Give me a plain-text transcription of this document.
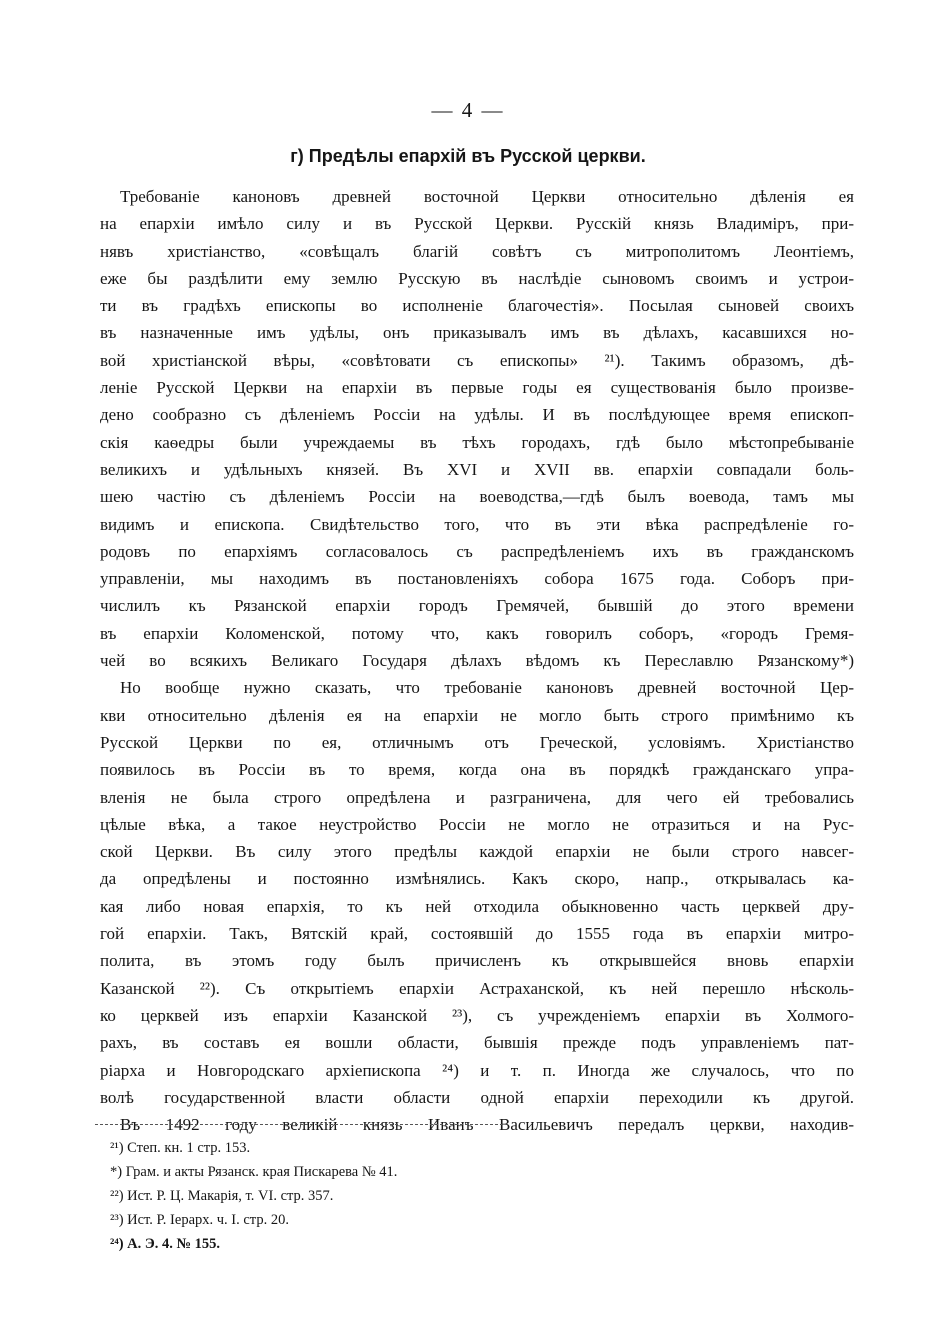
— 4 —
г) Предѣлы епархій въ Русской церкви.
Требованіе каноновъ древней восточной Церкви относительно дѣленія ея
на епархіи имѣло силу и въ Русской Церкви. Русскій князь Владиміръ, при-
нявъ христіанство, «совѣщалъ благій совѣтъ съ митрополитомъ Леонтіемъ,
еже бы раздѣлити ему землю Русскую въ наслѣдіе сыновомъ своимъ и устрои-
ти въ градѣхъ епископы во исполненіе благочестія». Посылая сыновей своихъ
въ назначенные имъ удѣлы, онъ приказывалъ имъ въ дѣлахъ, касавшихся но-
вой христіанской вѣры, «совѣтовати съ епископы» ²¹). Такимъ образомъ, дѣ-
леніе Русской Церкви на епархіи въ первые годы ея существованія было произве-
дено сообразно съ дѣленіемъ Россіи на удѣлы. И въ послѣдующее время епископ-
скія каѳедры были учреждаемы въ тѣхъ городахъ, гдѣ было мѣстопребываніе
великихъ и удѣльныхъ князей. Въ XVI и XVII вв. епархіи совпадали боль-
шею частію съ дѣленіемъ Россіи на воеводства,—гдѣ былъ воевода, тамъ мы
видимъ и епископа. Свидѣтельство того, что въ эти вѣка распредѣленіе го-
родовъ по епархіямъ согласовалось съ распредѣленіемъ ихъ въ гражданскомъ
управленіи, мы находимъ въ постановленіяхъ собора 1675 года. Соборъ при-
числилъ къ Рязанской епархіи городъ Гремячей, бывшій до этого времени
въ епархіи Коломенской, потому что, какъ говорилъ соборъ, «городъ Гремя-
чей во всякихъ Великаго Государя дѣлахъ вѣдомъ къ Переславлю Рязанскому*)
Но вообще нужно сказать, что требованіе каноновъ древней восточной Цер-
кви относительно дѣленія ея на епархіи не могло быть строго примѣнимо къ
Русской Церкви по ея, отличнымъ отъ Греческой, условіямъ. Христіанство
появилось въ Россіи въ то время, когда она въ порядкѣ гражданскаго упра-
вленія не была строго опредѣлена и разграничена, для чего ей требовались
цѣлые вѣка, а такое неустройство Россіи не могло не отразиться и на Рус-
ской Церкви. Въ силу этого предѣлы каждой епархіи не были строго навсег-
да опредѣлены и постоянно измѣнялись. Какъ скоро, напр., открывалась ка-
кая либо новая епархія, то къ ней отходила обыкновенно часть церквей дру-
гой епархіи. Такъ, Вятскій край, состоявшій до 1555 года въ епархіи митро-
полита, въ этомъ году былъ причисленъ къ открывшейся вновь епархіи
Казанской ²²). Съ открытіемъ епархіи Астраханской, къ ней перешло нѣсколь-
ко церквей изъ епархіи Казанской ²³), съ учрежденіемъ епархіи въ Холмого-
рахъ, въ составъ ея вошли области, бывшія прежде подъ управленіемъ пат-
ріарха и Новгородскаго архіепископа ²⁴) и т. п. Иногда же случалось, что по
волѣ государственной власти области одной епархіи переходили къ другой.
Въ 1492 году великій князь Иванъ Васильевичъ передалъ церкви, находив-
²¹) Степ. кн. 1 стр. 153.
*) Грам. и акты Рязанск. края Пискарева № 41.
²²) Ист. Р. Ц. Макарія, т. VI. стр. 357.
²³) Ист. Р. Іерарх. ч. I. стр. 20.
²⁴) А. Э. 4. № 155.
